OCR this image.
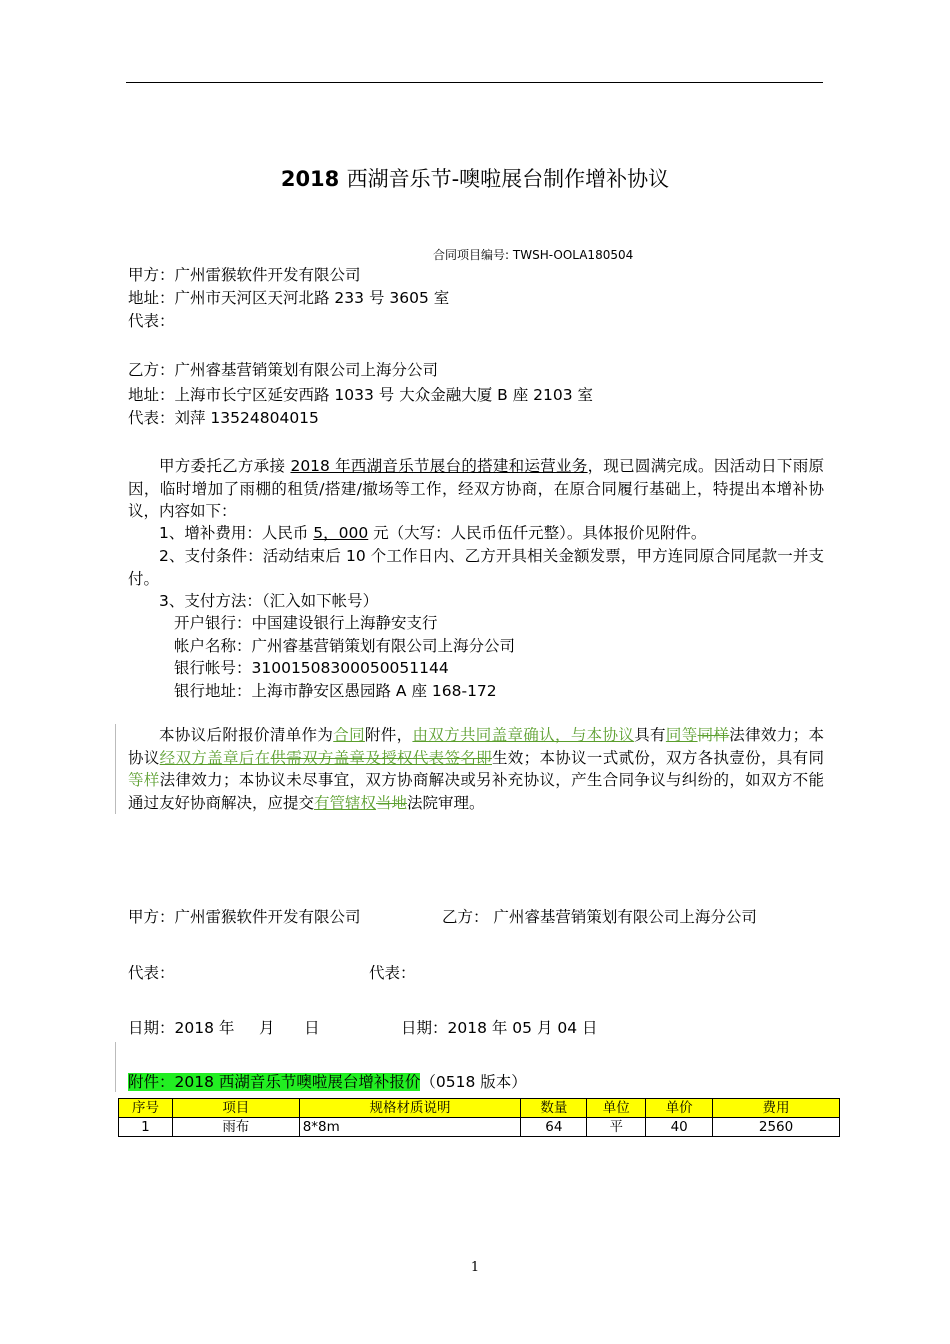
2018 西湖音乐节-噢啦展台制作增补协议
合同项目编号: TWSH-OOLA180504
甲方：广州雷猴软件开发有限公司
地址：广州市天河区天河北路 233 号 3605 室
代表：
乙方：广州睿基营销策划有限公司上海分公司
地址：上海市长宁区延安西路 1033 号 大众金融大厦 B 座 2103 室
代表：刘萍 13524804015
甲方委托乙方承接 2018 年西湖音乐节展台的搭建和运营业务，现已圆满完成。因活动日下雨原因，临时增加了雨棚的租赁/搭建/撤场等工作，经双方协商，在原合同履行基础上，特提出本增补协议，内容如下：
1、增补费用：人民币 5，000 元（大写：人民币伍仟元整）。具体报价见附件。
2、支付条件：活动结束后 10 个工作日内、乙方开具相关金额发票，甲方连同原合同尾款一并支付。
3、支付方法：（汇入如下帐号）
开户银行：中国建设银行上海静安支行
帐户名称：广州睿基营销策划有限公司上海分公司
银行帐号：31001508300050051144
银行地址：上海市静安区愚园路 A 座 168-172
本协议后附报价清单作为合同附件，由双方共同盖章确认，与本协议具有同等同样法律效力；本协议经双方盖章后在供需双方盖章及授权代表签名即生效；本协议一式贰份，双方各执壹份，具有同等样法律效力；本协议未尽事宜，双方协商解决或另补充协议，产生合同争议与纠纷的，如双方不能通过友好协商解决，应提交有管辖权当地法院审理。
甲方：广州雷猴软件开发有限公司	乙方： 广州睿基营销策划有限公司上海分公司
代表：	代表：
日期：2018 年     月      日	日期：2018 年 05 月 04 日
附件：2018 西湖音乐节噢啦展台增补报价（0518 版本）
序号	项目	规格材质说明	数量	单位	单价	费用
1	雨布	8*8m	64	平	40	2560
1
